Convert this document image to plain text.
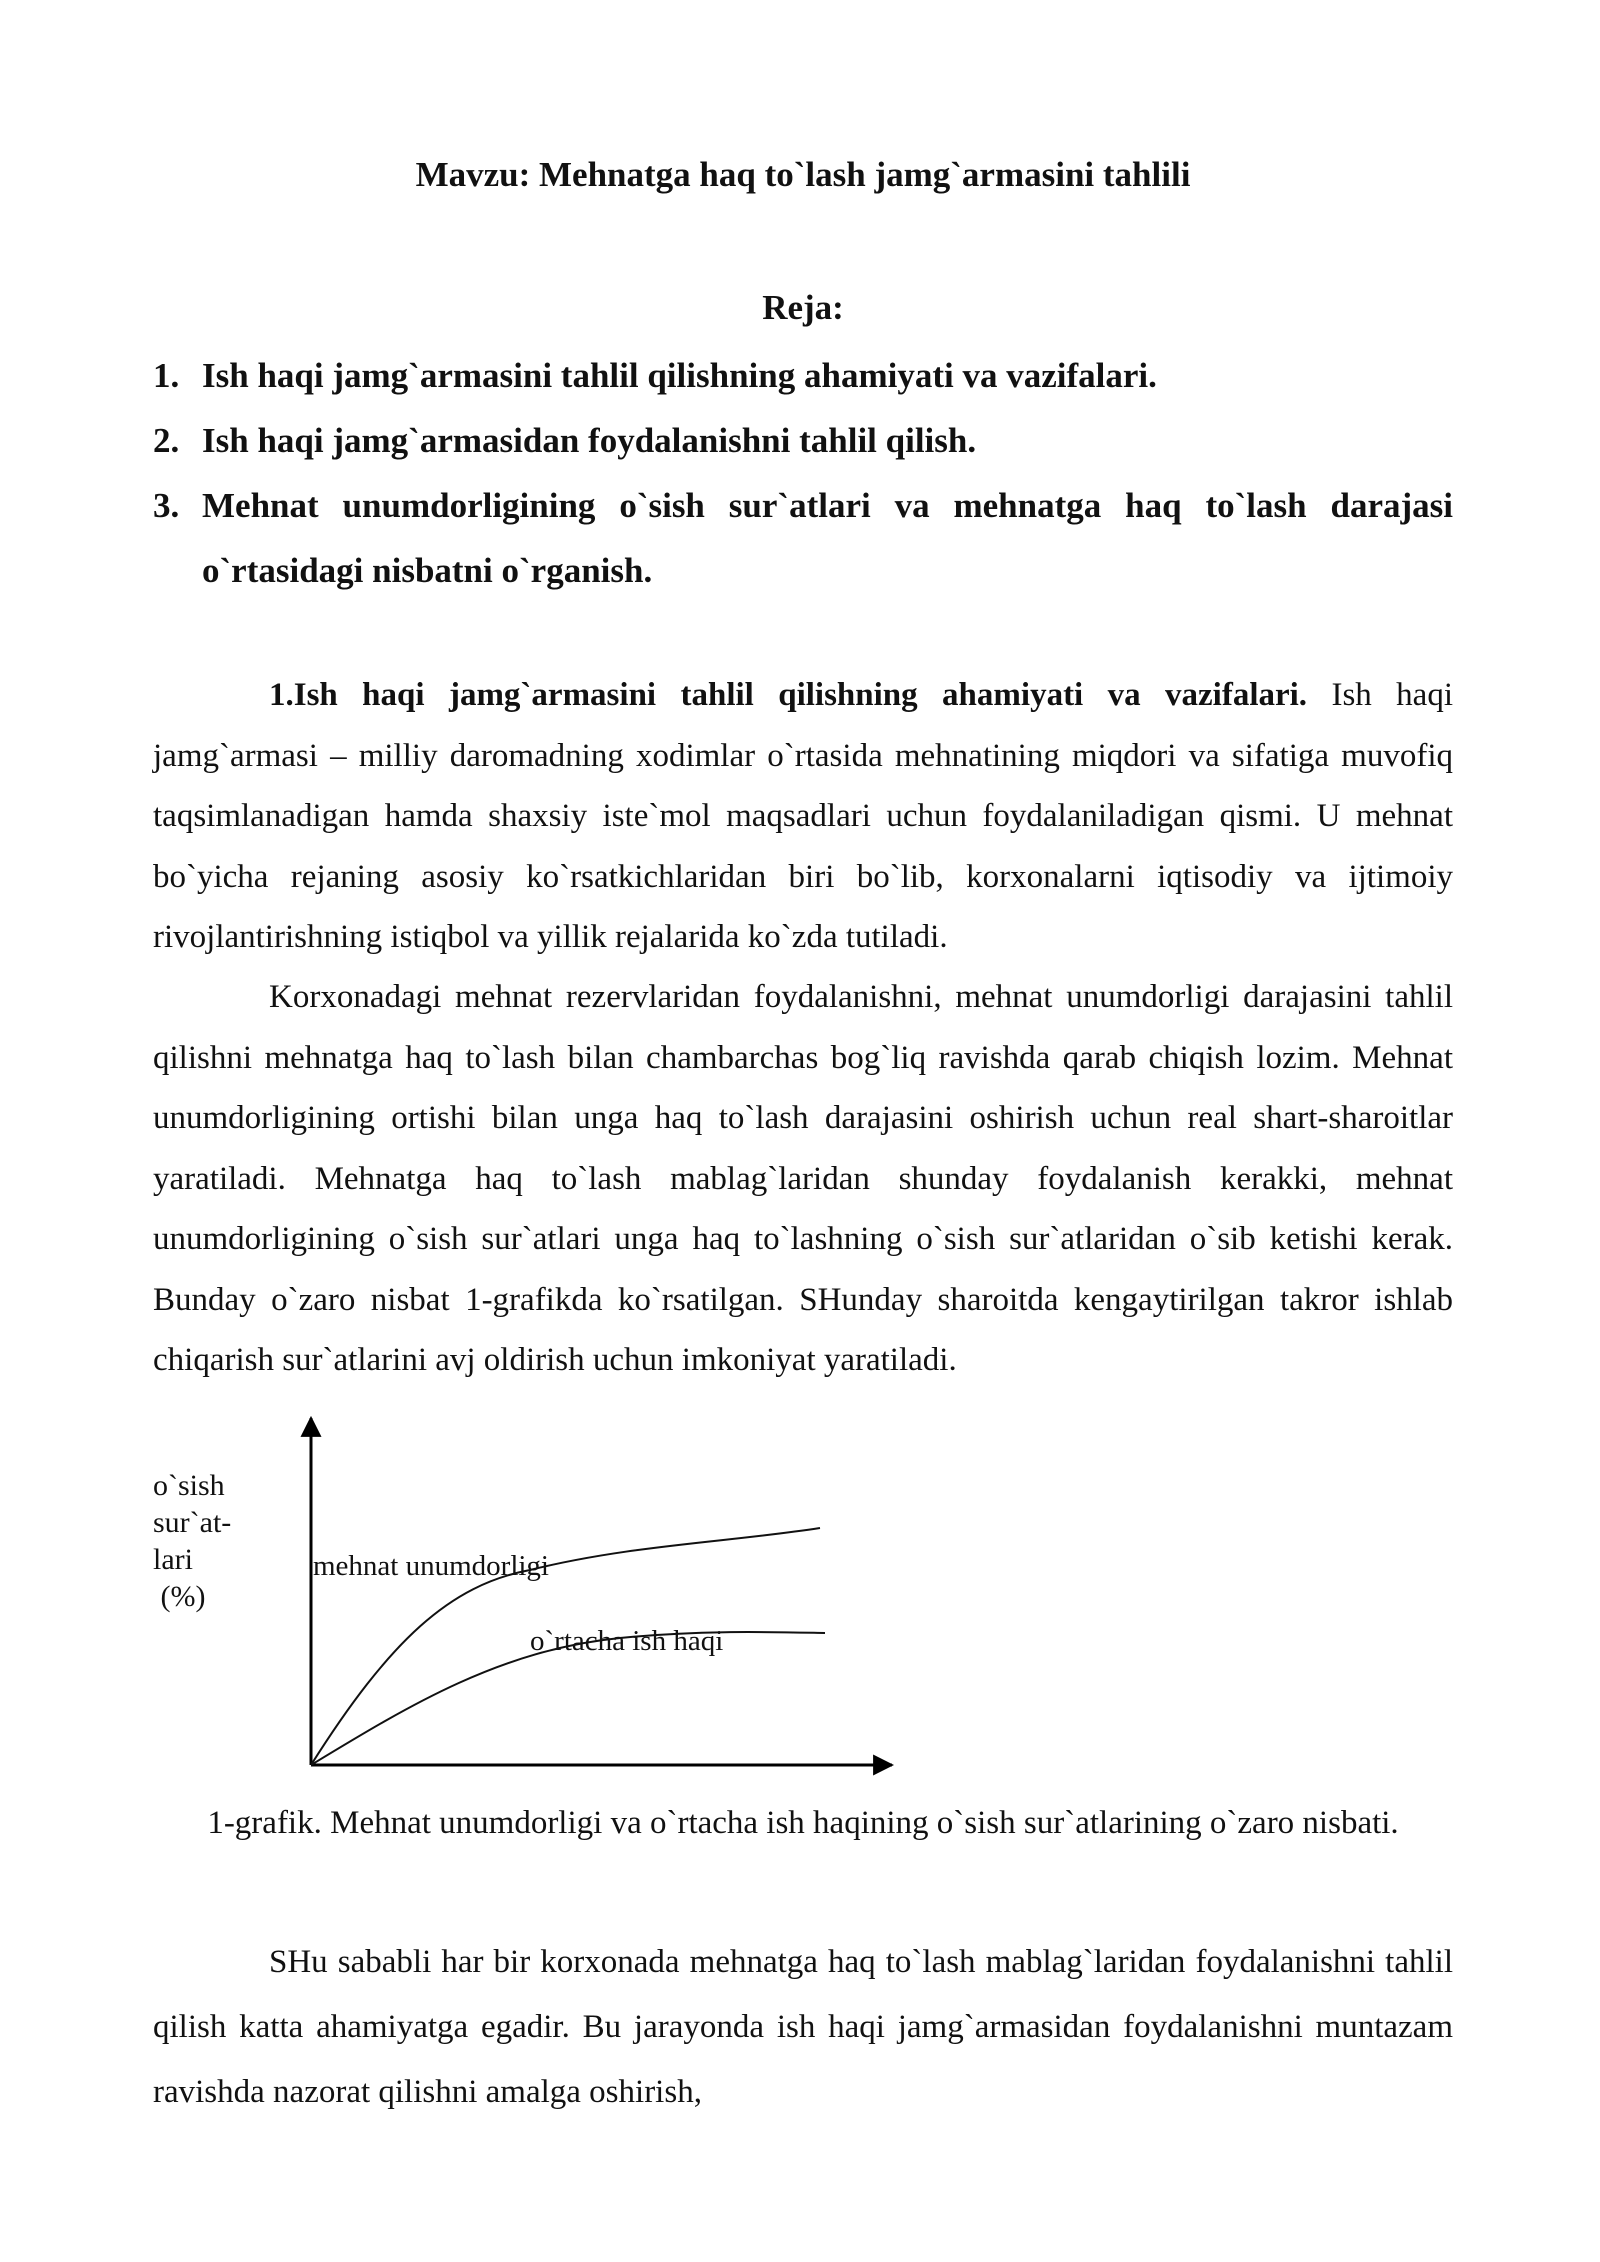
Mavzu: Mehnatga haq to`lash jamg`armasini tahlili
Reja:
1. Ish haqi jamg`armasini tahlil qilishning ahamiyati va vazifalari.
2. Ish haqi jamg`armasidan foydalanishni tahlil qilish.
3. Mehnat unumdorligining o`sish sur`atlari va mehnatga haq to`lash darajasi o`rtasidagi nisbatni o`rganish.

1.Ish haqi jamg`armasini tahlil qilishning ahamiyati va vazifalari. Ish haqi jamg`armasi – milliy daromadning xodimlar o`rtasida mehnatining miqdori va sifatiga muvofiq taqsimlanadigan hamda shaxsiy iste`mol maqsadlari uchun foydalaniladigan qismi. U mehnat bo`yicha rejaning asosiy ko`rsatkichlaridan biri bo`lib, korxonalarni iqtisodiy va ijtimoiy rivojlantirishning istiqbol va yillik rejalarida ko`zda tutiladi.

Korxonadagi mehnat rezervlaridan foydalanishni, mehnat unumdorligi darajasini tahlil qilishni mehnatga haq to`lash bilan chambarchas bog`liq ravishda qarab chiqish lozim. Mehnat unumdorligining ortishi bilan unga haq to`lash darajasini oshirish uchun real shart-sharoitlar yaratiladi. Mehnatga haq to`lash mablag`laridan shunday foydalanish kerakki, mehnat unumdorligining o`sish sur`atlari unga haq to`lashning o`sish sur`atlaridan o`sib ketishi kerak. Bunday o`zaro nisbat 1-grafikda ko`rsatilgan. SHunday sharoitda kengaytirilgan takror ishlab chiqarish sur`atlarini avj oldirish uchun imkoniyat yaratiladi.

o`sish
sur`at-
lari
(%)
mehnat unumdorligi
o`rtacha ish haqi
1-grafik. Mehnat unumdorligi va o`rtacha ish haqining o`sish sur`atlarining o`zaro nisbati.

SHu sababli har bir korxonada mehnatga haq to`lash mablag`laridan foydalanishni tahlil qilish katta ahamiyatga egadir. Bu jarayonda ish haqi jamg`armasidan foydalanishni muntazam ravishda nazorat qilishni amalga oshirish,
